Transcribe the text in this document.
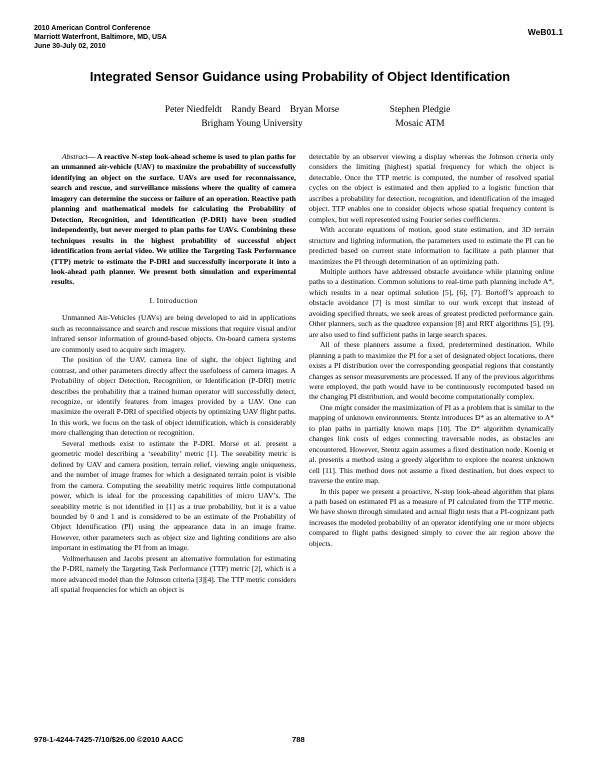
2010 American Control Conference
Marriott Waterfront, Baltimore, MD, USA
June 30-July 02, 2010
WeB01.1
Integrated Sensor Guidance using Probability of Object Identification
Peter Niedfeldt    Randy Beard    Bryan Morse
Brigham Young University
Stephen Pledgie
Mosaic ATM

Abstract— A reactive N-step look-ahead scheme is used to plan paths for an unmanned air-vehicle (UAV) to maximize the probability of successfully identifying an object on the surface. UAVs are used for reconnaissance, search and rescue, and surveillance missions where the quality of camera imagery can determine the success or failure of an operation. Reactive path planning and mathematical models for calculating the Probability of Detection, Recognition, and Identification (P-DRI) have been studied independently, but never merged to plan paths for UAVs. Combining these techniques results in the highest probability of successful object identification from aerial video. We utilize the Targeting Task Performance (TTP) metric to estimate the P-DRI and successfully incorporate it into a look-ahead path planner. We present both simulation and experimental results.

I. Introduction

Unmanned Air-Vehicles (UAVs) are being developed to aid in applications such as reconnaissance and search and rescue missions that require visual and/or infrared sensor information of ground-based objects. On-board camera systems are commonly used to acquire such imagery.

The position of the UAV, camera line of sight, the object lighting and contrast, and other parameters directly affect the usefulness of camera images. A Probability of object Detection, Recognition, or Identification (P-DRI) metric describes the probability that a trained human operator will successfully detect, recognize, or identify features from images provided by a UAV. One can maximize the overall P-DRI of specified objects by optimizing UAV flight paths. In this work, we focus on the task of object identification, which is considerably more challenging than detection or recognition.

Several methods exist to estimate the P-DRI. Morse et al. present a geometric model describing a ‘seeability’ metric [1]. The seeability metric is defined by UAV and camera position, terrain relief, viewing angle uniqueness, and the number of image frames for which a designated terrain point is visible from the camera. Computing the seeability metric requires little computational power, which is ideal for the processing capabilities of micro UAV’s. The seeability metric is not identified in [1] as a true probability, but it is a value bounded by 0 and 1 and is considered to be an estimate of the Probability of Object Identification (PI) using the appearance data in an image frame. However, other parameters such as object size and lighting conditions are also important in estimating the PI from an image.

Vollmerhausen and Jacobs present an alternative formulation for estimating the P-DRI, namely the Targeting Task Performance (TTP) metric [2], which is a more advanced model than the Johnson criteria [3][4]. The TTP metric considers all spatial frequencies for which an object is

detectable by an observer viewing a display whereas the Johnson criteria only considers the limiting (highest) spatial frequency for which the object is detectable. Once the TTP metric is computed, the number of resolved spatial cycles on the object is estimated and then applied to a logistic function that ascribes a probability for detection, recognition, and identification of the imaged object. TTP enables one to consider objects whose spatial frequency content is complex, but well represented using Fourier series coefficients.

With accurate equations of motion, good state estimation, and 3D terrain structure and lighting information, the parameters used to estimate the PI can be predicted based on current state information to facilitate a path planner that maximizes the PI through determination of an optimizing path.

Multiple authors have addressed obstacle avoidance while planning online paths to a destination. Common solutions to real-time path planning include A*, which results in a near optimal solution [5], [6], [7]. Bortoff’s approach to obstacle avoidance [7] is most similar to our work except that instead of avoiding specified threats, we seek areas of greatest predicted performance gain. Other planners, such as the quadtree expansion [8] and RRT algorithms [5], [9], are also used to find sufficient paths in large search spaces.

All of these planners assume a fixed, predetermined destination. While planning a path to maximize the PI for a set of designated object locations, there exists a PI distribution over the corresponding geospatial regions that constantly changes as sensor measurements are processed. If any of the previous algorithms were employed, the path would have to be continuously recomputed based on the changing PI distribution, and would become computationally complex.

One might consider the maximization of PI as a problem that is similar to the mapping of unknown environments. Stentz introduces D* as an alternative to A* to plan paths in partially known maps [10]. The D* algorithm dynamically changes link costs of edges connecting traversable nodes, as obstacles are encountered. However, Stentz again assumes a fixed destination node. Koenig et al. presents a method using a greedy algorithm to explore the nearest unknown cell [11]. This method does not assume a fixed destination, but does expect to traverse the entire map.

In this paper we present a proactive, N-step look-ahead algorithm that plans a path based on estimated PI as a measure of PI calculated from the TTP metric. We have shown through simulated and actual flight tests that a PI-cognizant path increases the modeled probability of an operator identifying one or more objects compared to flight paths designed simply to cover the air region above the objects.

978-1-4244-7425-7/10/$26.00 ©2010 AACC	788
